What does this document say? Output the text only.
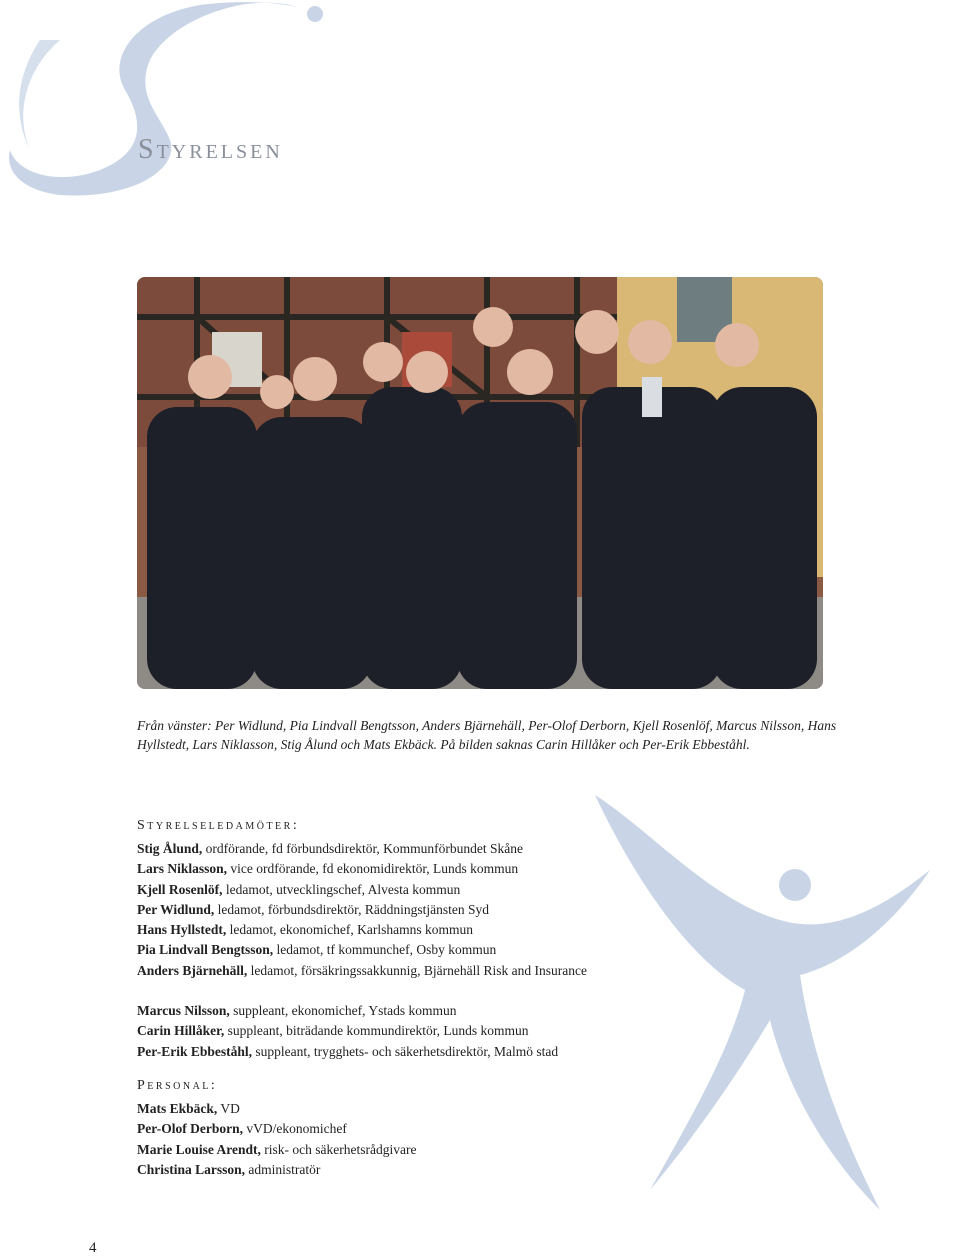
Styrelsen

Från vänster: Per Widlund, Pia Lindvall Bengtsson, Anders Bjärnehäll, Per-Olof Derborn, Kjell Rosenlöf, Marcus Nilsson, Hans Hyllstedt, Lars Niklasson, Stig Ålund och Mats Ekbäck. På bilden saknas Carin Hillåker och Per-Erik Ebbeståhl.

Styrelseledamöter:
Stig Ålund, ordförande, fd förbundsdirektör, Kommunförbundet Skåne
Lars Niklasson, vice ordförande, fd ekonomidirektör, Lunds kommun
Kjell Rosenlöf, ledamot, utvecklingschef, Alvesta kommun
Per Widlund, ledamot, förbundsdirektör, Räddningstjänsten Syd
Hans Hyllstedt, ledamot, ekonomichef, Karlshamns kommun
Pia Lindvall Bengtsson, ledamot, tf kommunchef, Osby kommun
Anders Bjärnehäll, ledamot, försäkringssakkunnig, Bjärnehäll Risk and Insurance
Marcus Nilsson, suppleant, ekonomichef, Ystads kommun
Carin Hillåker, suppleant, biträdande kommundirektör, Lunds kommun
Per-Erik Ebbeståhl, suppleant, trygghets- och säkerhetsdirektör, Malmö stad
Personal:
Mats Ekbäck, VD
Per-Olof Derborn, vVD/ekonomichef
Marie Louise Arendt, risk- och säkerhetsrådgivare
Christina Larsson, administratör
4
